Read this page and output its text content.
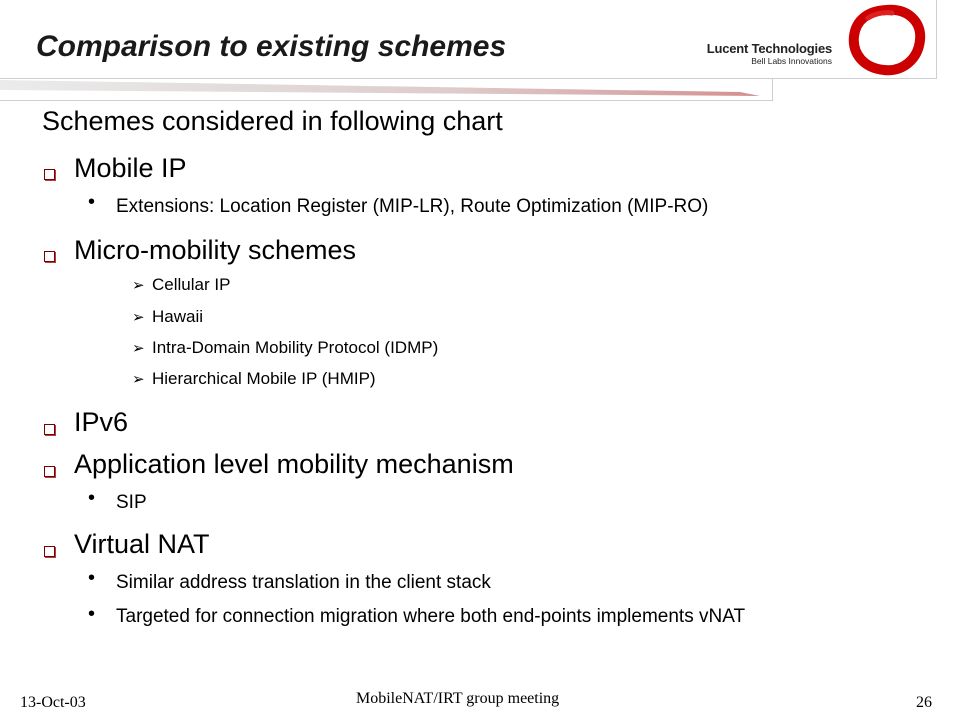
Comparison to existing schemes	Lucent Technologies
Bell Labs Innovations
Schemes considered in following chart
Mobile IP
• Extensions: Location Register (MIP-LR), Route Optimization (MIP-RO)
Micro-mobility schemes
➢ Cellular IP
➢ Hawaii
➢ Intra-Domain Mobility Protocol (IDMP)
➢ Hierarchical Mobile IP (HMIP)
IPv6
Application level mobility mechanism
• SIP
Virtual NAT
• Similar address translation in the client stack
• Targeted for connection migration where both end-points implements vNAT
13-Oct-03	MobileNAT/IRT group meeting	26
